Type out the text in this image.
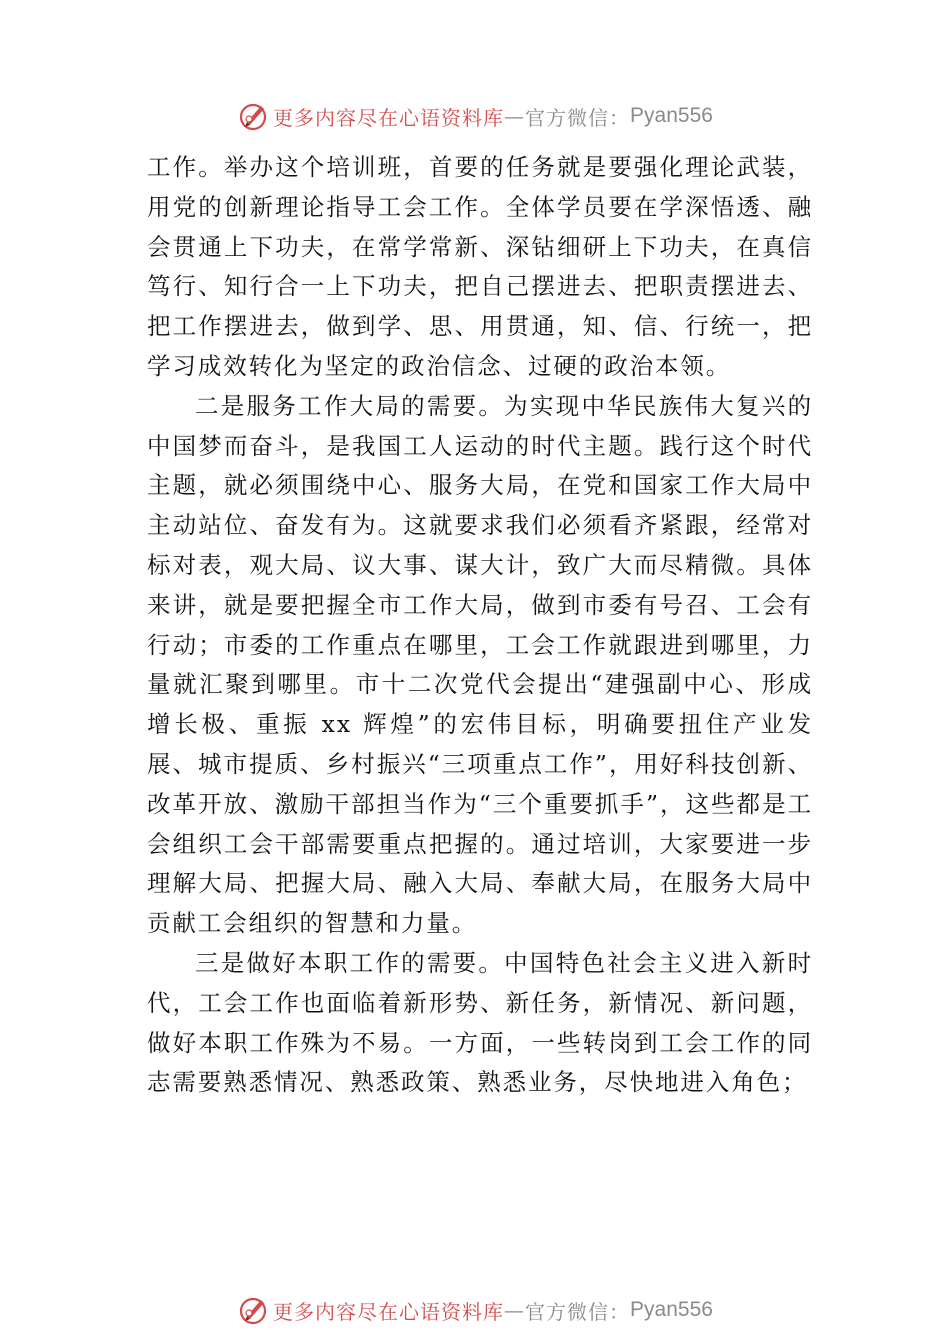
更多内容尽在心语资料库 — 官方微信： Pyan556

工作。举办这个培训班，首要的任务就是要强化理论武装， 用党的创新理论指导工会工作。全体学员要在学深悟透、融会贯通上下功夫，在常学常新、深钻细研上下功夫，在真信笃行、知行合一上下功夫，把自己摆进去、把职责摆进去、 把工作摆进去，做到学、思、用贯通，知、信、行统一，把学习成效转化为坚定的政治信念、过硬的政治本领。

二是服务工作大局的需要。为实现中华民族伟大复兴的中国梦而奋斗，是我国工人运动的时代主题。践行这个时代主题，就必须围绕中心、服务大局，在党和国家工作大局中主动站位、奋发有为。这就要求我们必须看齐紧跟，经常对标对表，观大局、议大事、谋大计，致广大而尽精微。具体来讲，就是要把握全市工作大局，做到市委有号召、工会有行动；市委的工作重点在哪里，工会工作就跟进到哪里，力量就汇聚到哪里。市十二次党代会提出“建强副中心、形成增长极、重振 xx 辉煌”的宏伟目标，明确要扭住产业发展、城市提质、乡村振兴“三项重点工作”，用好科技创新、改革开放、激励干部担当作为“三个重要抓手”，这些都是工会组织工会干部需要重点把握的。通过培训，大家要进一步理解大局、把握大局、融入大局、奉献大局，在服务大局中贡献工会组织的智慧和力量。

三是做好本职工作的需要。中国特色社会主义进入新时代，工会工作也面临着新形势、新任务，新情况、新问题， 做好本职工作殊为不易。一方面，一些转岗到工会工作的同志需要熟悉情况、熟悉政策、熟悉业务，尽快地进入角色；

更多内容尽在心语资料库 — 官方微信： Pyan556
